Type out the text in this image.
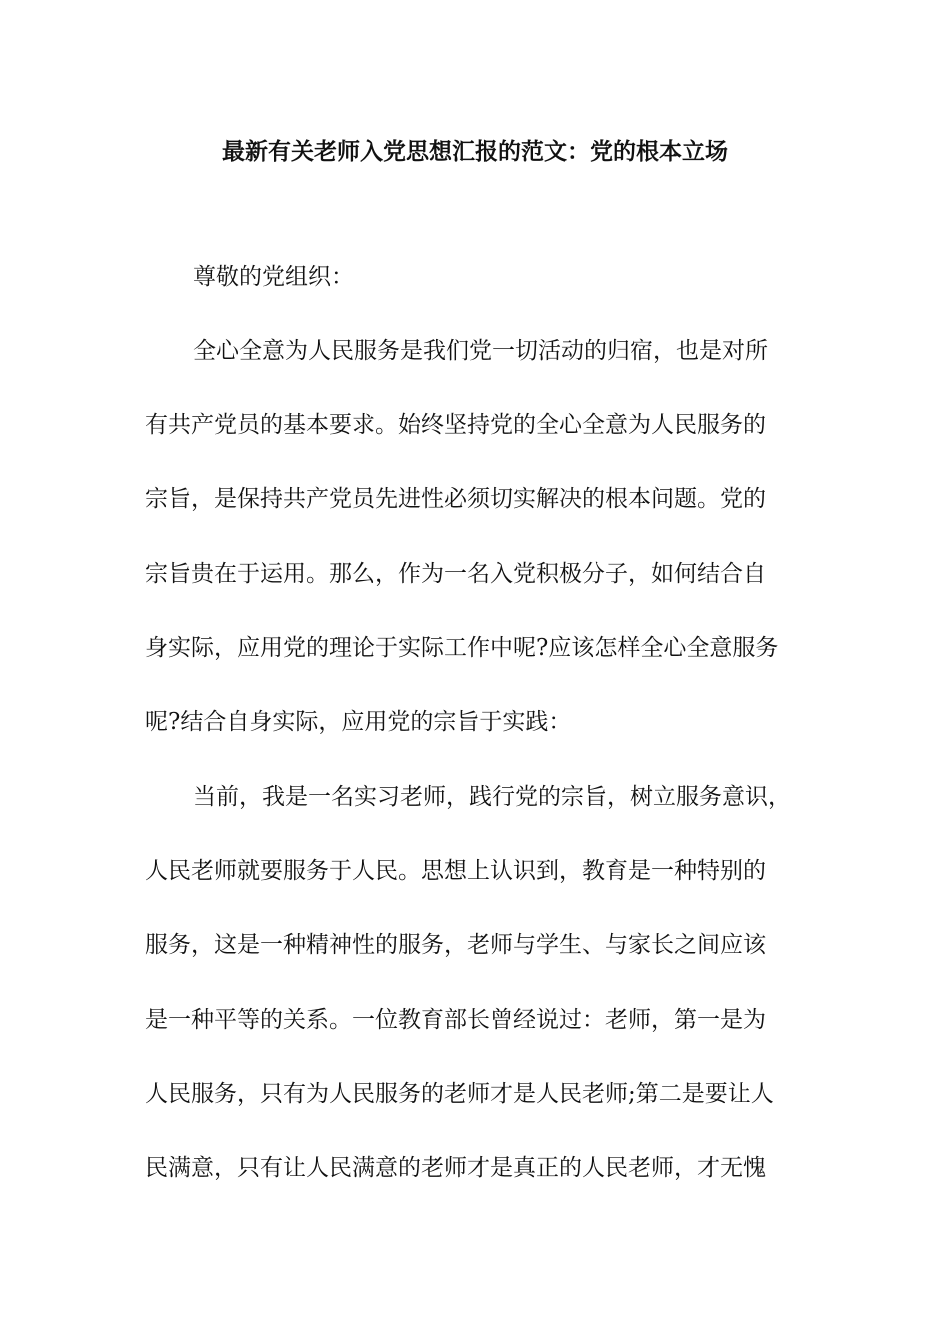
最新有关老师入党思想汇报的范文：党的根本立场
尊敬的党组织：
全心全意为人民服务是我们党一切活动的归宿，也是对所
有共产党员的基本要求。始终坚持党的全心全意为人民服务的
宗旨，是保持共产党员先进性必须切实解决的根本问题。党的
宗旨贵在于运用。那么，作为一名入党积极分子，如何结合自
身实际，应用党的理论于实际工作中呢?应该怎样全心全意服务
呢?结合自身实际，应用党的宗旨于实践：
当前，我是一名实习老师，践行党的宗旨，树立服务意识，
人民老师就要服务于人民。思想上认识到，教育是一种特别的
服务，这是一种精神性的服务，老师与学生、与家长之间应该
是一种平等的关系。一位教育部长曾经说过：老师，第一是为
人民服务，只有为人民服务的老师才是人民老师;第二是要让人
民满意，只有让人民满意的老师才是真正的人民老师，才无愧
